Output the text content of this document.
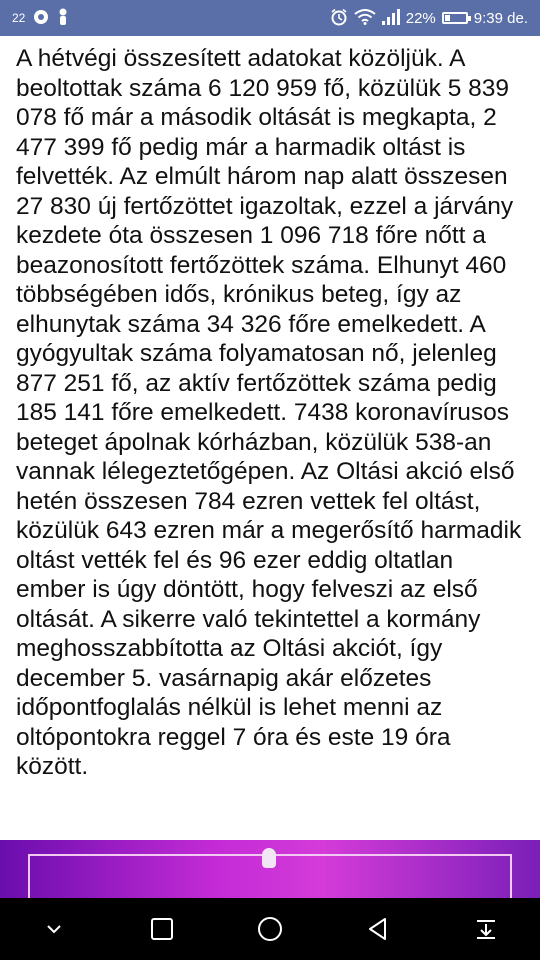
22	22%	9:39 de.

A hétvégi összesített adatokat közöljük. A beoltottak száma 6 120 959 fő, közülük 5 839 078 fő már a második oltását is megkapta, 2 477 399 fő pedig már a harmadik oltást is felvették. Az elmúlt három nap alatt összesen 27 830 új fertőzöttet igazoltak, ezzel a járvány kezdete óta összesen 1 096 718 főre nőtt a beazonosított fertőzöttek száma. Elhunyt 460 többségében idős, krónikus beteg, így az elhunytak száma 34 326 főre emelkedett. A gyógyultak száma folyamatosan nő, jelenleg 877 251 fő, az aktív fertőzöttek száma pedig 185 141 főre emelkedett. 7438 koronavírusos beteget ápolnak kórházban, közülük 538-an vannak lélegeztetőgépen. Az Oltási akció első hetén összesen 784 ezren vettek fel oltást, közülük 643 ezren már a megerősítő harmadik oltást vették fel és 96 ezer eddig oltatlan ember is úgy döntött, hogy felveszi az első oltását. A sikerre való tekintettel a kormány meghosszabbította az Oltási akciót, így december 5. vasárnapig akár előzetes időpontfoglalás nélkül is lehet menni az oltópontokra reggel 7 óra és este 19 óra között.
